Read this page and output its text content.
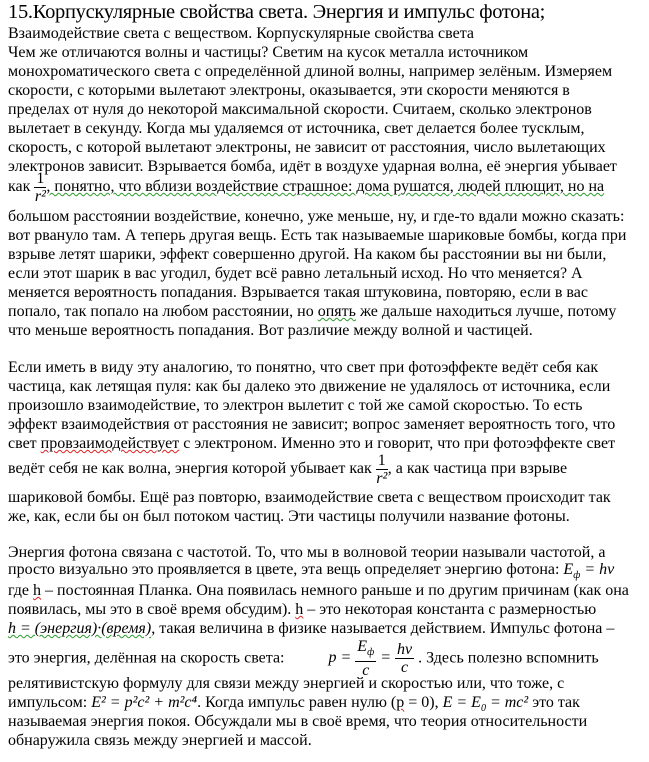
15.Корпускулярные свойства света. Энергия и импульс фотона;
Взаимодействие света с веществом. Корпускулярные свойства света
Чем же отличаются волны и частицы? Светим на кусок металла источником
монохроматического света с определённой длиной волны, например зелёным. Измеряем
скорости, с которыми вылетают электроны, оказывается, эти скорости меняются в
пределах от нуля до некоторой максимальной скорости. Считаем, сколько электронов
вылетает в секунду. Когда мы удаляемся от источника, свет делается более тусклым,
скорость, с которой вылетают электроны, не зависит от расстояния, число вылетающих
электронов зависит. Взрывается бомба, идёт в воздухе ударная волна, её энергия убывает
как $\frac{1}{\text{r²}}$ , понятно, что вблизи воздействие страшное: дома рушатся, людей плющит, но на
большом расстоянии воздействие, конечно, уже меньше, ну, и где-то вдали можно сказать:
вот рвануло там. А теперь другая вещь. Есть так называемые шариковые бомбы, когда при
взрыве летят шарики, эффект совершенно другой. На каком бы расстоянии вы ни были,
если этот шарик в вас угодил, будет всё равно летальный исход. Но что меняется? А
меняется вероятность попадания. Взрывается такая штуковина, повторяю, если в вас
попало, так попало на любом расстоянии, но опять же дальше находиться лучше, потому
что меньше вероятность попадания. Вот различие между волной и частицей.
Если иметь в виду эту аналогию, то понятно, что свет при фотоэффекте ведёт себя как
частица, как летящая пуля: как бы далеко это движение не удалялось от источника, если
произошло взаимодействие, то электрон вылетит с той же самой скоростью. То есть
эффект взаимодействия от расстояния не зависит; вопрос заменяет вероятность того, что
свет провзаимодействует с электроном. Именно это и говорит, что при фотоэффекте свет
ведёт себя не как волна, энергия которой убывает как $\frac{1}{\text{r²}}$ , а как частица при взрыве
шариковой бомбы. Ещё раз повторю, взаимодействие света с веществом происходит так
же, как, если бы он был потоком частиц. Эти частицы получили название фотоны.
Энергия фотона связана с частотой. То, что мы в волновой теории называли частотой, а
просто визуально это проявляется в цвете, эта вещь определяет энергию фотона: $E_ф = h\nu$
где h – постоянная Планка. Она появилась немного раньше и по другим причинам (как она
появилась, мы это в своё время обсудим). h – это некоторая константа с размерностью
h = (энергия)·(время), такая величина в физике называется действием. Импульс фотона –
это энергия, делённая на скорость света:	$p = \frac{E_ф}{c} = \frac{h\nu}{c}$ . Здесь полезно вспомнить
релятивистскую формулу для связи между энергией и скоростью или, что тоже, с
импульсом: E² = p²c² + m²c⁴. Когда импульс равен нулю (p = 0), $E = E_0 = mc^2$ это так
называемая энергия покоя. Обсуждали мы в своё время, что теория относительности
обнаружила связь между энергией и массой.
